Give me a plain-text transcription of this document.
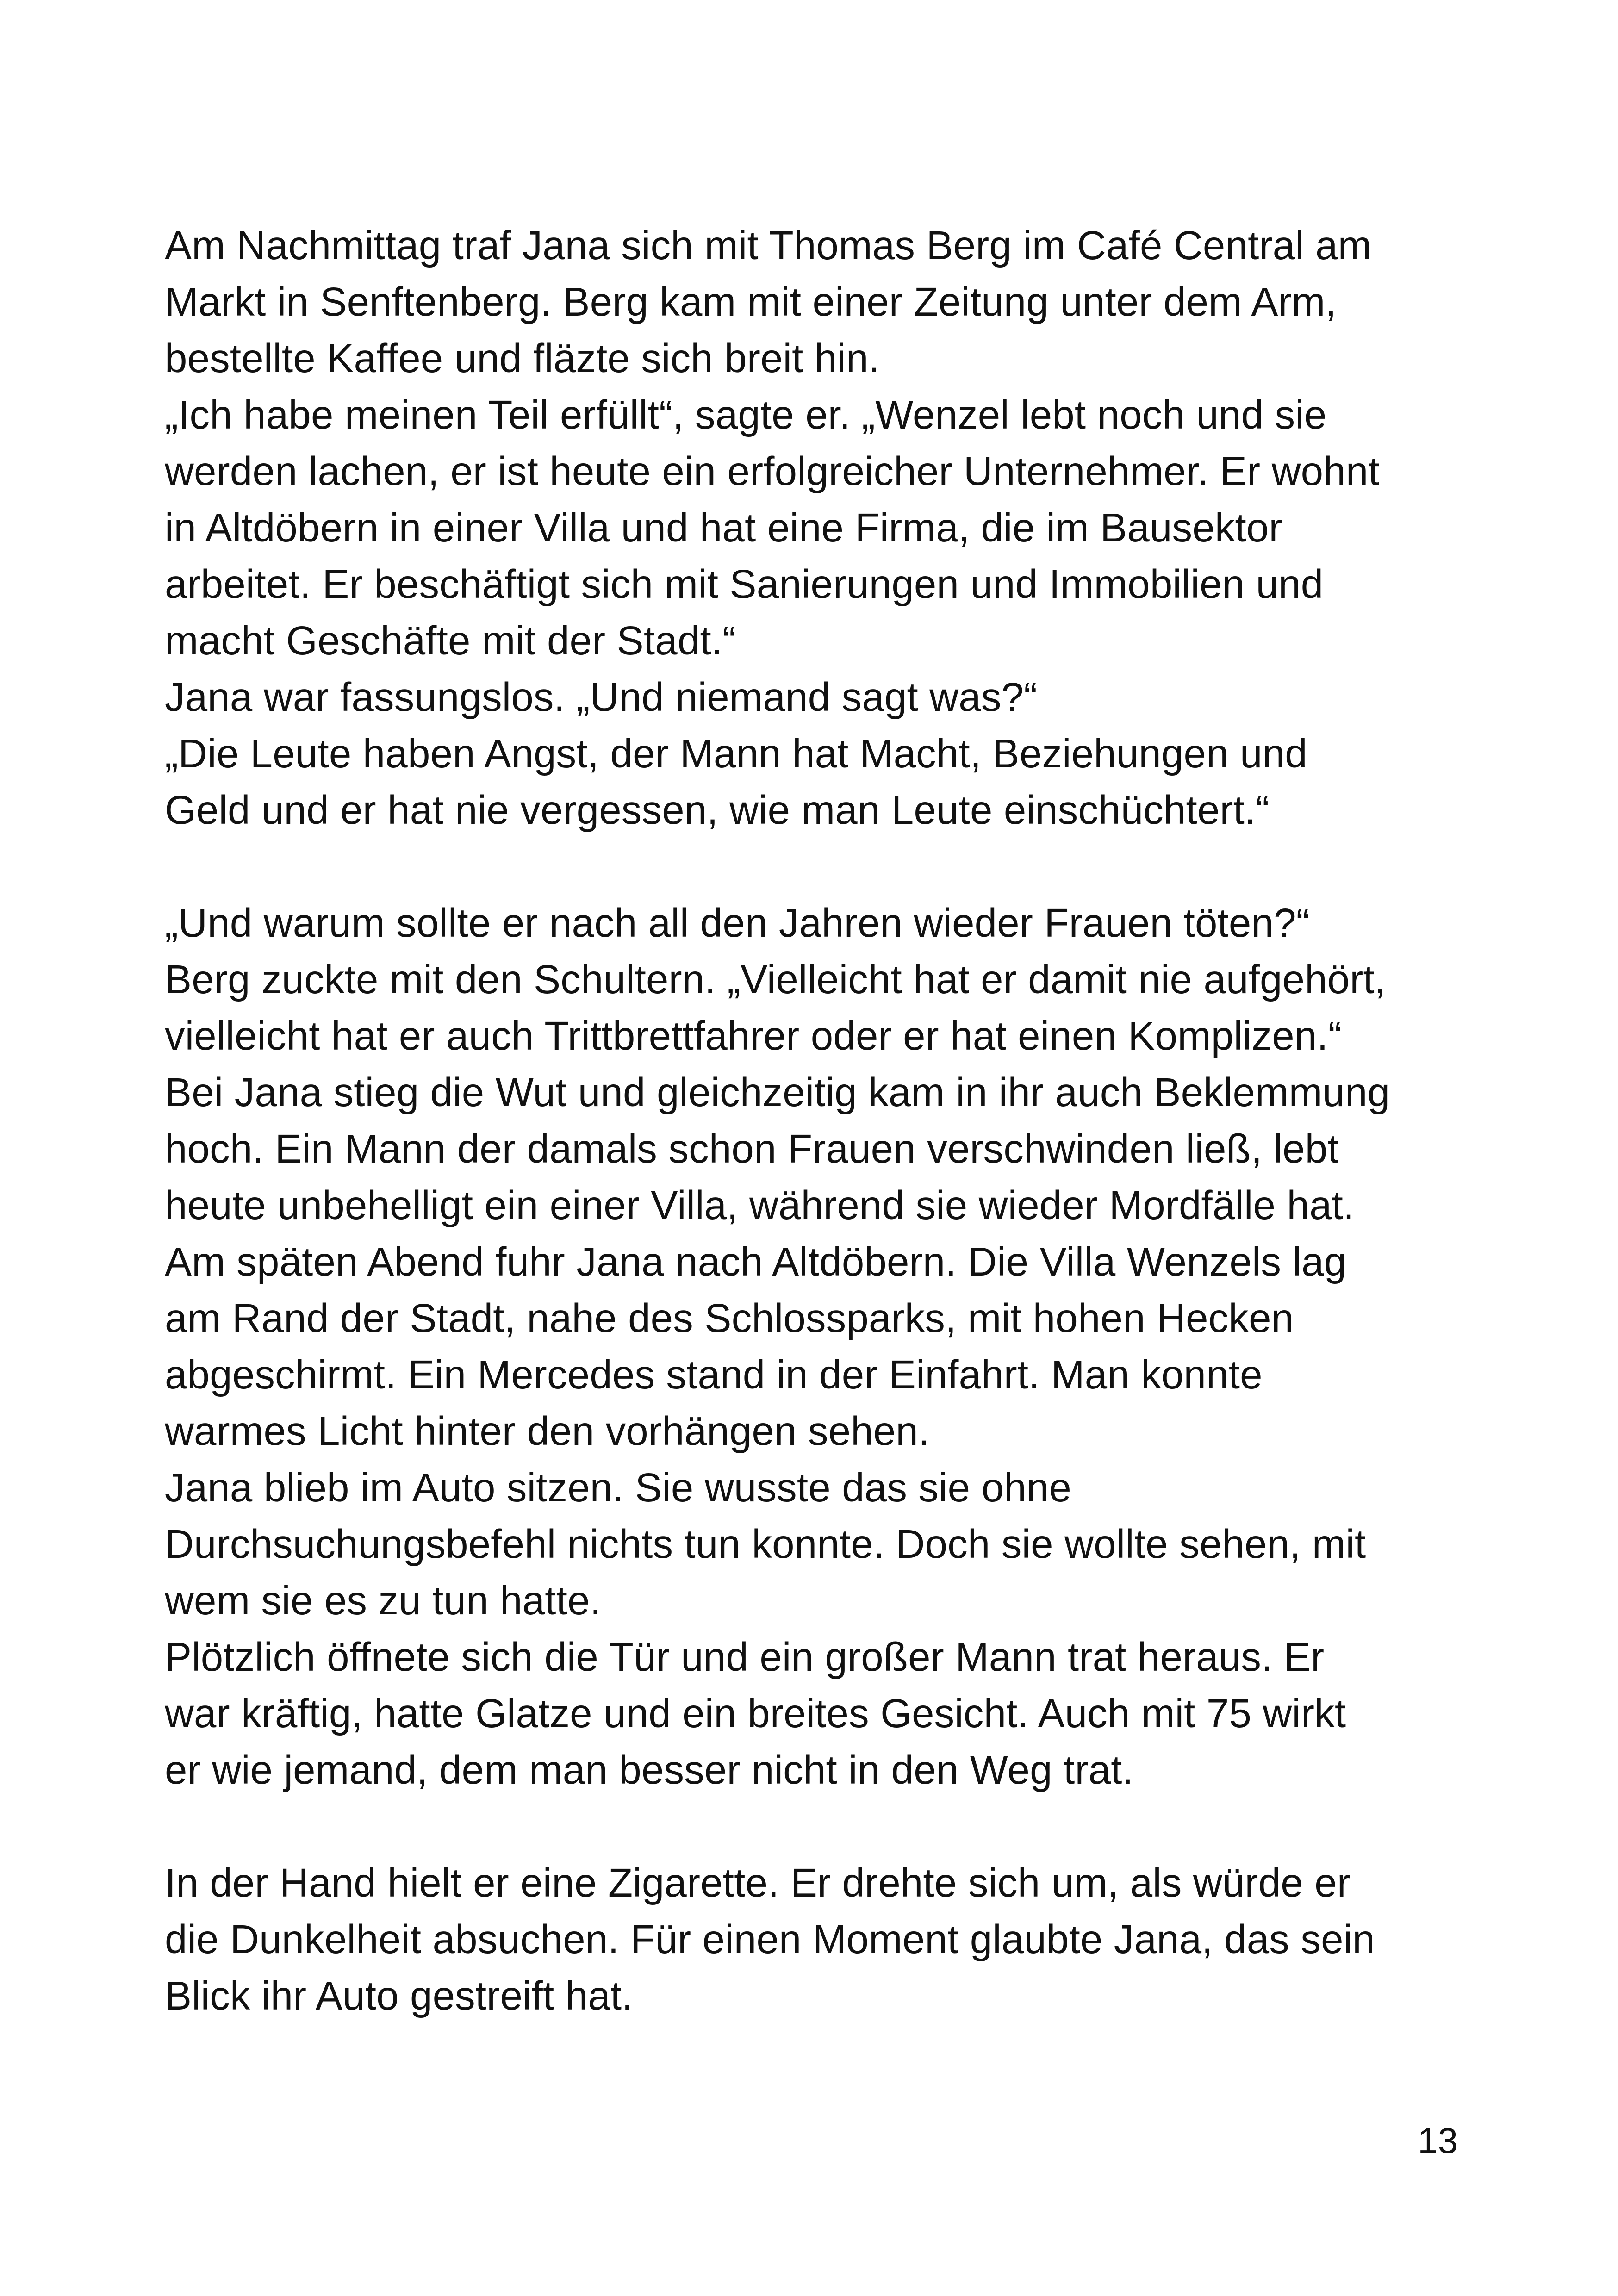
Am Nachmittag traf Jana sich mit Thomas Berg im Café Central am
Markt in Senftenberg. Berg kam mit einer Zeitung unter dem Arm,
bestellte Kaffee und fläzte sich breit hin.
„Ich habe meinen Teil erfüllt“, sagte er. „Wenzel lebt noch und sie
werden lachen, er ist heute ein erfolgreicher Unternehmer. Er wohnt
in Altdöbern in einer Villa und hat eine Firma, die im Bausektor
arbeitet. Er beschäftigt sich mit Sanierungen und Immobilien und
macht Geschäfte mit der Stadt.“
Jana war fassungslos. „Und niemand sagt was?“
„Die Leute haben Angst, der Mann hat Macht, Beziehungen und
Geld und er hat nie vergessen, wie man Leute einschüchtert.“
„Und warum sollte er nach all den Jahren wieder Frauen töten?“
Berg zuckte mit den Schultern. „Vielleicht hat er damit nie aufgehört,
vielleicht hat er auch Trittbrettfahrer oder er hat einen Komplizen.“
Bei Jana stieg die Wut und gleichzeitig kam in ihr auch Beklemmung
hoch. Ein Mann der damals schon Frauen verschwinden ließ, lebt
heute unbehelligt ein einer Villa, während sie wieder Mordfälle hat.
Am späten Abend fuhr Jana nach Altdöbern. Die Villa Wenzels lag
am Rand der Stadt, nahe des Schlossparks, mit hohen Hecken
abgeschirmt. Ein Mercedes stand in der Einfahrt. Man konnte
warmes Licht hinter den vorhängen sehen.
Jana blieb im Auto sitzen. Sie wusste das sie ohne
Durchsuchungsbefehl nichts tun konnte. Doch sie wollte sehen, mit
wem sie es zu tun hatte.
Plötzlich öffnete sich die Tür und ein großer Mann trat heraus. Er
war kräftig, hatte Glatze und ein breites Gesicht. Auch mit 75 wirkt
er wie jemand, dem man besser nicht in den Weg trat.
In der Hand hielt er eine Zigarette. Er drehte sich um, als würde er
die Dunkelheit absuchen. Für einen Moment glaubte Jana, das sein
Blick ihr Auto gestreift hat.
13
